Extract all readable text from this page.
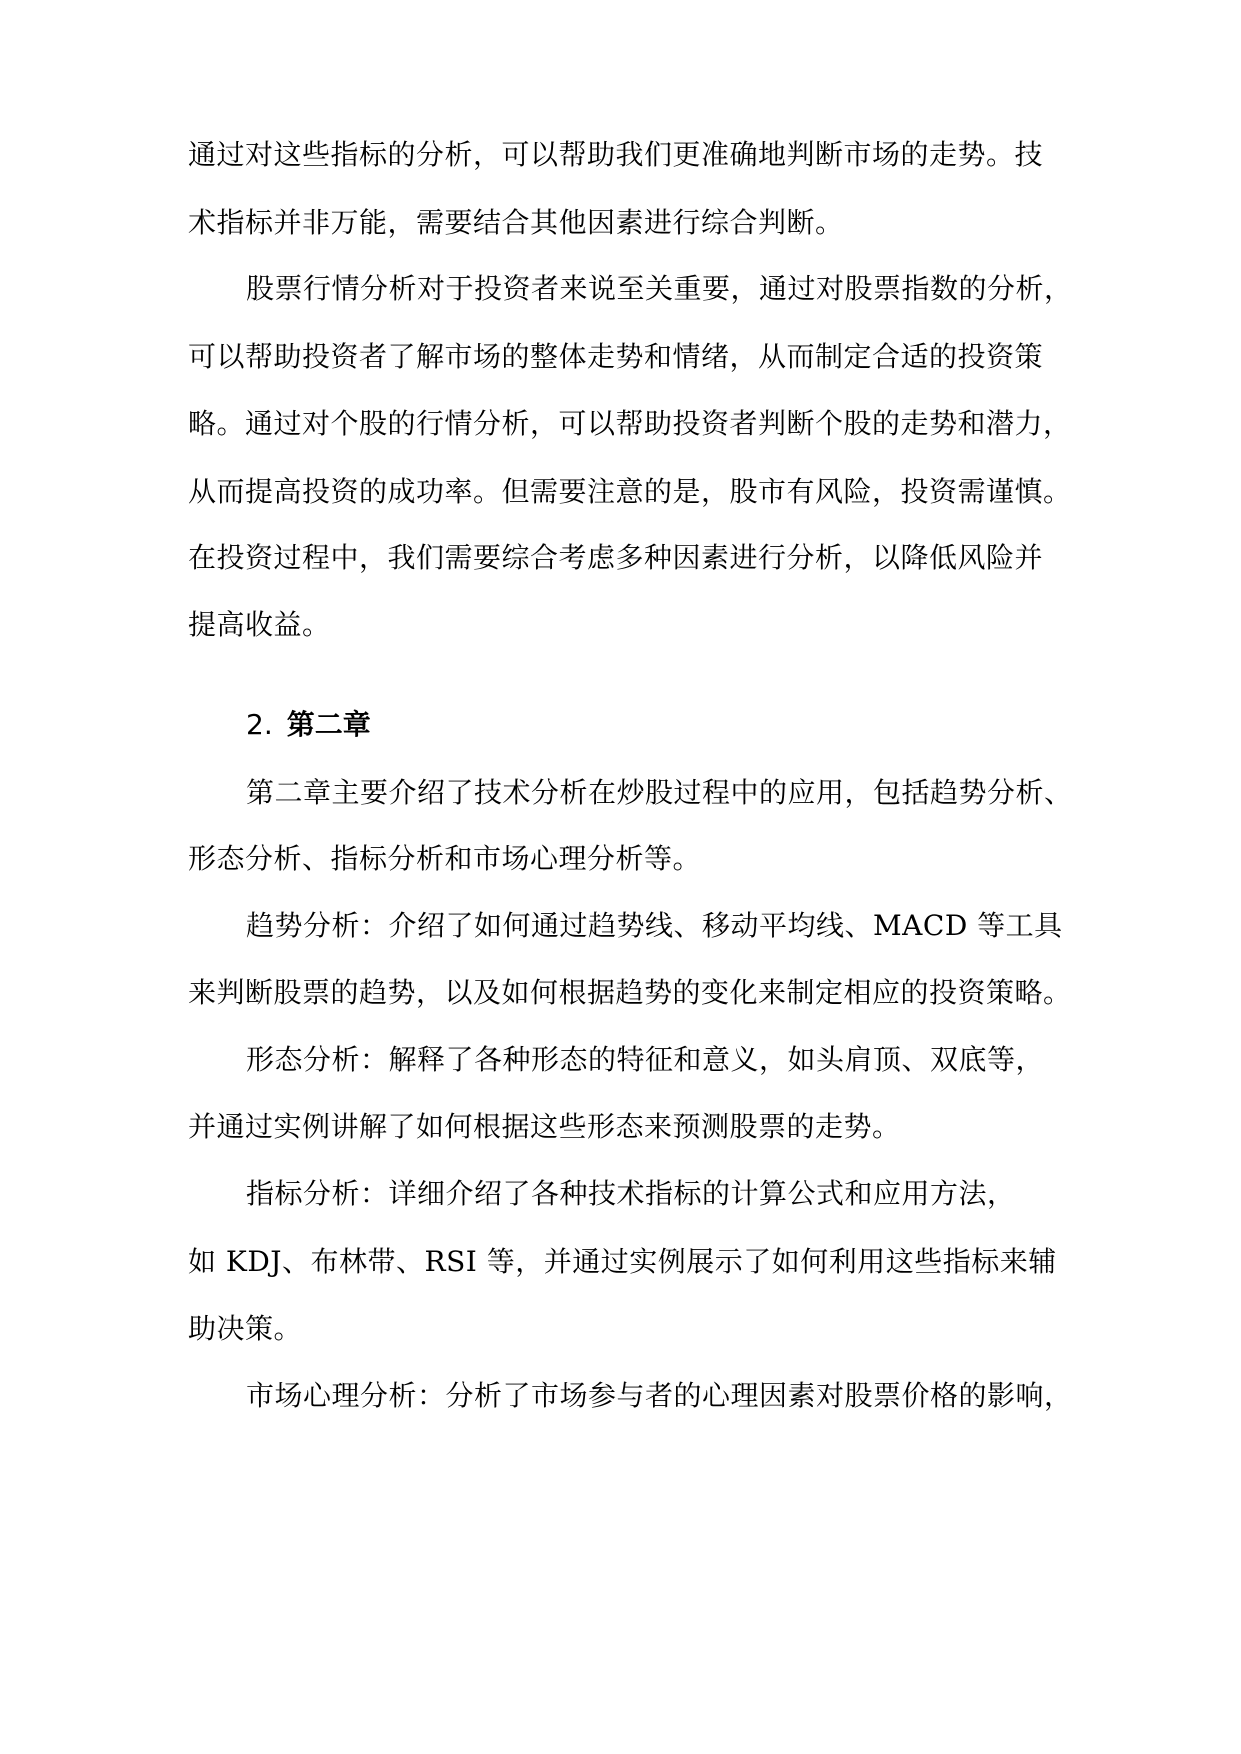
通过对这些指标的分析，可以帮助我们更准确地判断市场的走势。技
术指标并非万能，需要结合其他因素进行综合判断。
股票行情分析对于投资者来说至关重要，通过对股票指数的分析，
可以帮助投资者了解市场的整体走势和情绪，从而制定合适的投资策
略。通过对个股的行情分析，可以帮助投资者判断个股的走势和潜力，
从而提高投资的成功率。但需要注意的是，股市有风险，投资需谨慎。
在投资过程中，我们需要综合考虑多种因素进行分析，以降低风险并
提高收益。
2. 第二章
第二章主要介绍了技术分析在炒股过程中的应用，包括趋势分析、
形态分析、指标分析和市场心理分析等。
趋势分析：介绍了如何通过趋势线、移动平均线、MACD 等工具
来判断股票的趋势，以及如何根据趋势的变化来制定相应的投资策略。
形态分析：解释了各种形态的特征和意义，如头肩顶、双底等，
并通过实例讲解了如何根据这些形态来预测股票的走势。
指标分析：详细介绍了各种技术指标的计算公式和应用方法，
如 KDJ、布林带、RSI 等，并通过实例展示了如何利用这些指标来辅
助决策。
市场心理分析：分析了市场参与者的心理因素对股票价格的影响，
